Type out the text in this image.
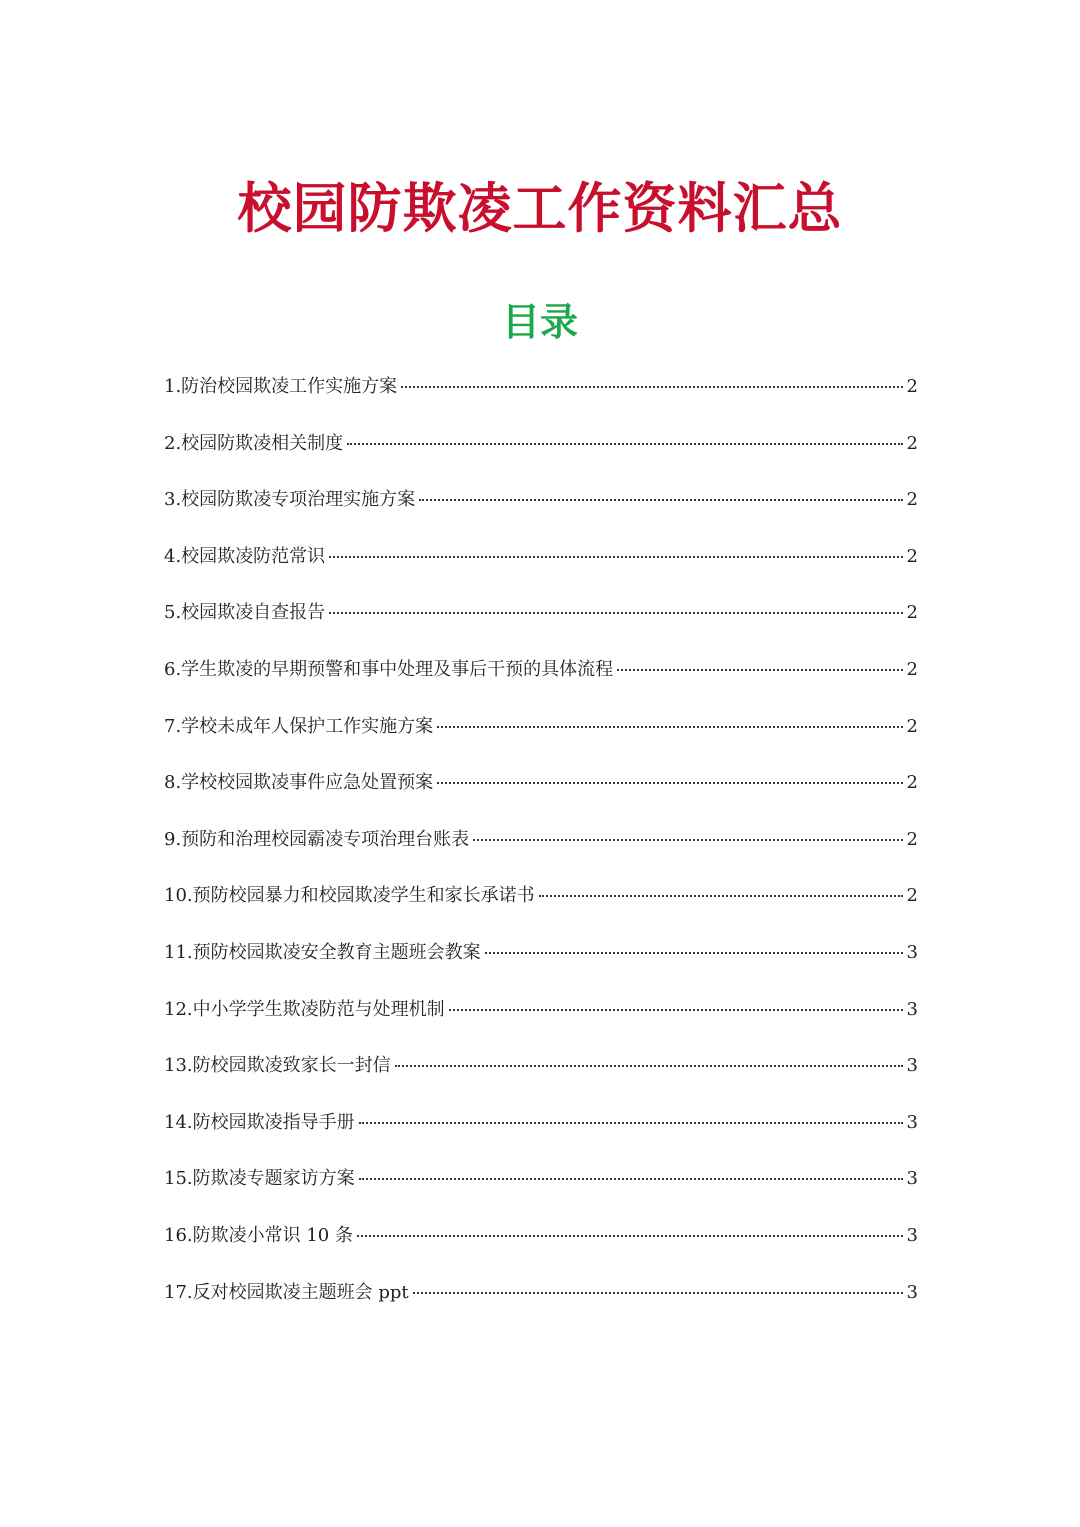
校园防欺凌工作资料汇总
目录
1.防治校园欺凌工作实施方案	2
2.校园防欺凌相关制度	2
3.校园防欺凌专项治理实施方案	2
4.校园欺凌防范常识	2
5.校园欺凌自查报告	2
6.学生欺凌的早期预警和事中处理及事后干预的具体流程	2
7.学校未成年人保护工作实施方案	2
8.学校校园欺凌事件应急处置预案	2
9.预防和治理校园霸凌专项治理台账表	2
10.预防校园暴力和校园欺凌学生和家长承诺书	2
11.预防校园欺凌安全教育主题班会教案	3
12.中小学学生欺凌防范与处理机制	3
13.防校园欺凌致家长一封信	3
14.防校园欺凌指导手册	3
15.防欺凌专题家访方案	3
16.防欺凌小常识 10 条	3
17.反对校园欺凌主题班会 ppt	3
